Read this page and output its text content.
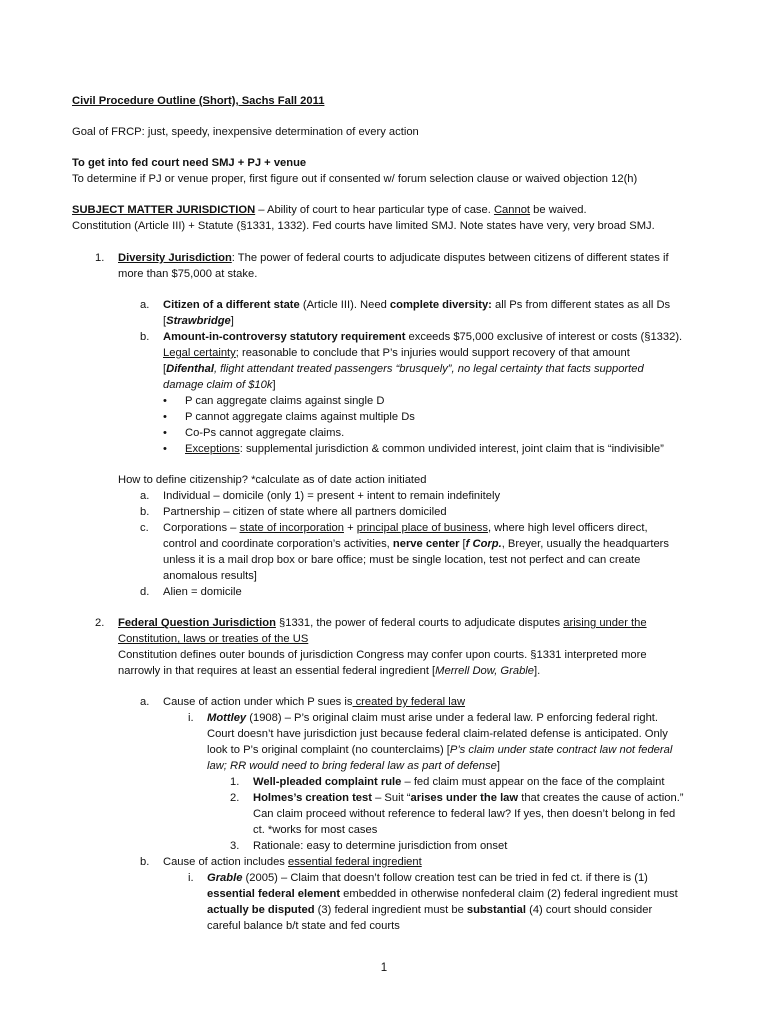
Civil Procedure Outline (Short), Sachs Fall 2011
Goal of FRCP: just, speedy, inexpensive determination of every action
To get into fed court need SMJ + PJ + venue
To determine if PJ or venue proper, first figure out if consented w/ forum selection clause or waived objection 12(h)
SUBJECT MATTER JURISDICTION – Ability of court to hear particular type of case. Cannot be waived.
Constitution (Article III) + Statute (§1331, 1332). Fed courts have limited SMJ. Note states have very, very broad SMJ.
1. Diversity Jurisdiction: The power of federal courts to adjudicate disputes between citizens of different states if
more than $75,000 at stake.
a. Citizen of a different state (Article III). Need complete diversity: all Ps from different states as all Ds
[Strawbridge]
b. Amount-in-controversy statutory requirement exceeds $75,000 exclusive of interest or costs (§1332).
Legal certainty; reasonable to conclude that P’s injuries would support recovery of that amount
[Difenthal, flight attendant treated passengers “brusquely”, no legal certainty that facts supported
damage claim of $10k]
• P can aggregate claims against single D
• P cannot aggregate claims against multiple Ds
• Co-Ps cannot aggregate claims.
• Exceptions: supplemental jurisdiction & common undivided interest, joint claim that is “indivisible”
How to define citizenship? *calculate as of date action initiated
a. Individual – domicile (only 1) = present + intent to remain indefinitely
b. Partnership – citizen of state where all partners domiciled
c. Corporations – state of incorporation + principal place of business, where high level officers direct,
control and coordinate corporation’s activities, nerve center [f Corp., Breyer, usually the headquarters
unless it is a mail drop box or bare office; must be single location, test not perfect and can create
anomalous results]
d. Alien = domicile
2. Federal Question Jurisdiction §1331, the power of federal courts to adjudicate disputes arising under the
Constitution, laws or treaties of the US
Constitution defines outer bounds of jurisdiction Congress may confer upon courts. §1331 interpreted more
narrowly in that requires at least an essential federal ingredient [Merrell Dow, Grable].
a. Cause of action under which P sues is created by federal law
i. Mottley (1908) – P’s original claim must arise under a federal law. P enforcing federal right.
Court doesn’t have jurisdiction just because federal claim-related defense is anticipated. Only
look to P’s original complaint (no counterclaims) [P’s claim under state contract law not federal
law; RR would need to bring federal law as part of defense]
1. Well-pleaded complaint rule – fed claim must appear on the face of the complaint
2. Holmes’s creation test – Suit “arises under the law that creates the cause of action.”
Can claim proceed without reference to federal law? If yes, then doesn’t belong in fed
ct. *works for most cases
3. Rationale: easy to determine jurisdiction from onset
b. Cause of action includes essential federal ingredient
i. Grable (2005) – Claim that doesn’t follow creation test can be tried in fed ct. if there is (1)
essential federal element embedded in otherwise nonfederal claim (2) federal ingredient must
actually be disputed (3) federal ingredient must be substantial (4) court should consider
careful balance b/t state and fed courts
1
